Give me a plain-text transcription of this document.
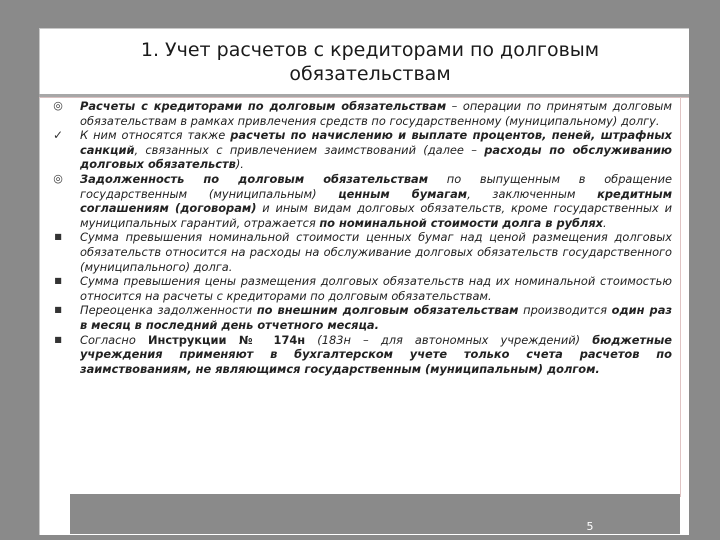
1. Учет расчетов с кредиторами по долговым
обязательствам

◎ Расчеты с кредиторами по долговым обязательствам – операции по принятым долговым обязательствам в рамках привлечения средств по государственному (муниципальному) долгу.

✓ К ним относятся также расчеты по начислению и выплате процентов, пеней, штрафных санкций, связанных с привлечением заимствований (далее – расходы по обслуживанию долговых обязательств).

◎ Задолженность по долговым обязательствам по выпущенным в обращение государственным (муниципальным) ценным бумагам, заключенным кредитным соглашениям (договорам) и иным видам долговых обязательств, кроме государственных и муниципальных гарантий, отражается по номинальной стоимости долга в рублях.

■ Сумма превышения номинальной стоимости ценных бумаг над ценой размещения долговых обязательств относится на расходы на обслуживание долговых обязательств государственного (муниципального) долга.

■ Сумма превышения цены размещения долговых обязательств над их номинальной стоимостью относится на расчеты с кредиторами по долговым обязательствам.

■ Переоценка задолженности по внешним долговым обязательствам производится один раз в месяц в последний день отчетного месяца.

■ Согласно Инструкции № 174н (183н – для автономных учреждений) бюджетные учреждения применяют в бухгалтерском учете только счета расчетов по заимствованиям, не являющимся государственным (муниципальным) долгом.

5
